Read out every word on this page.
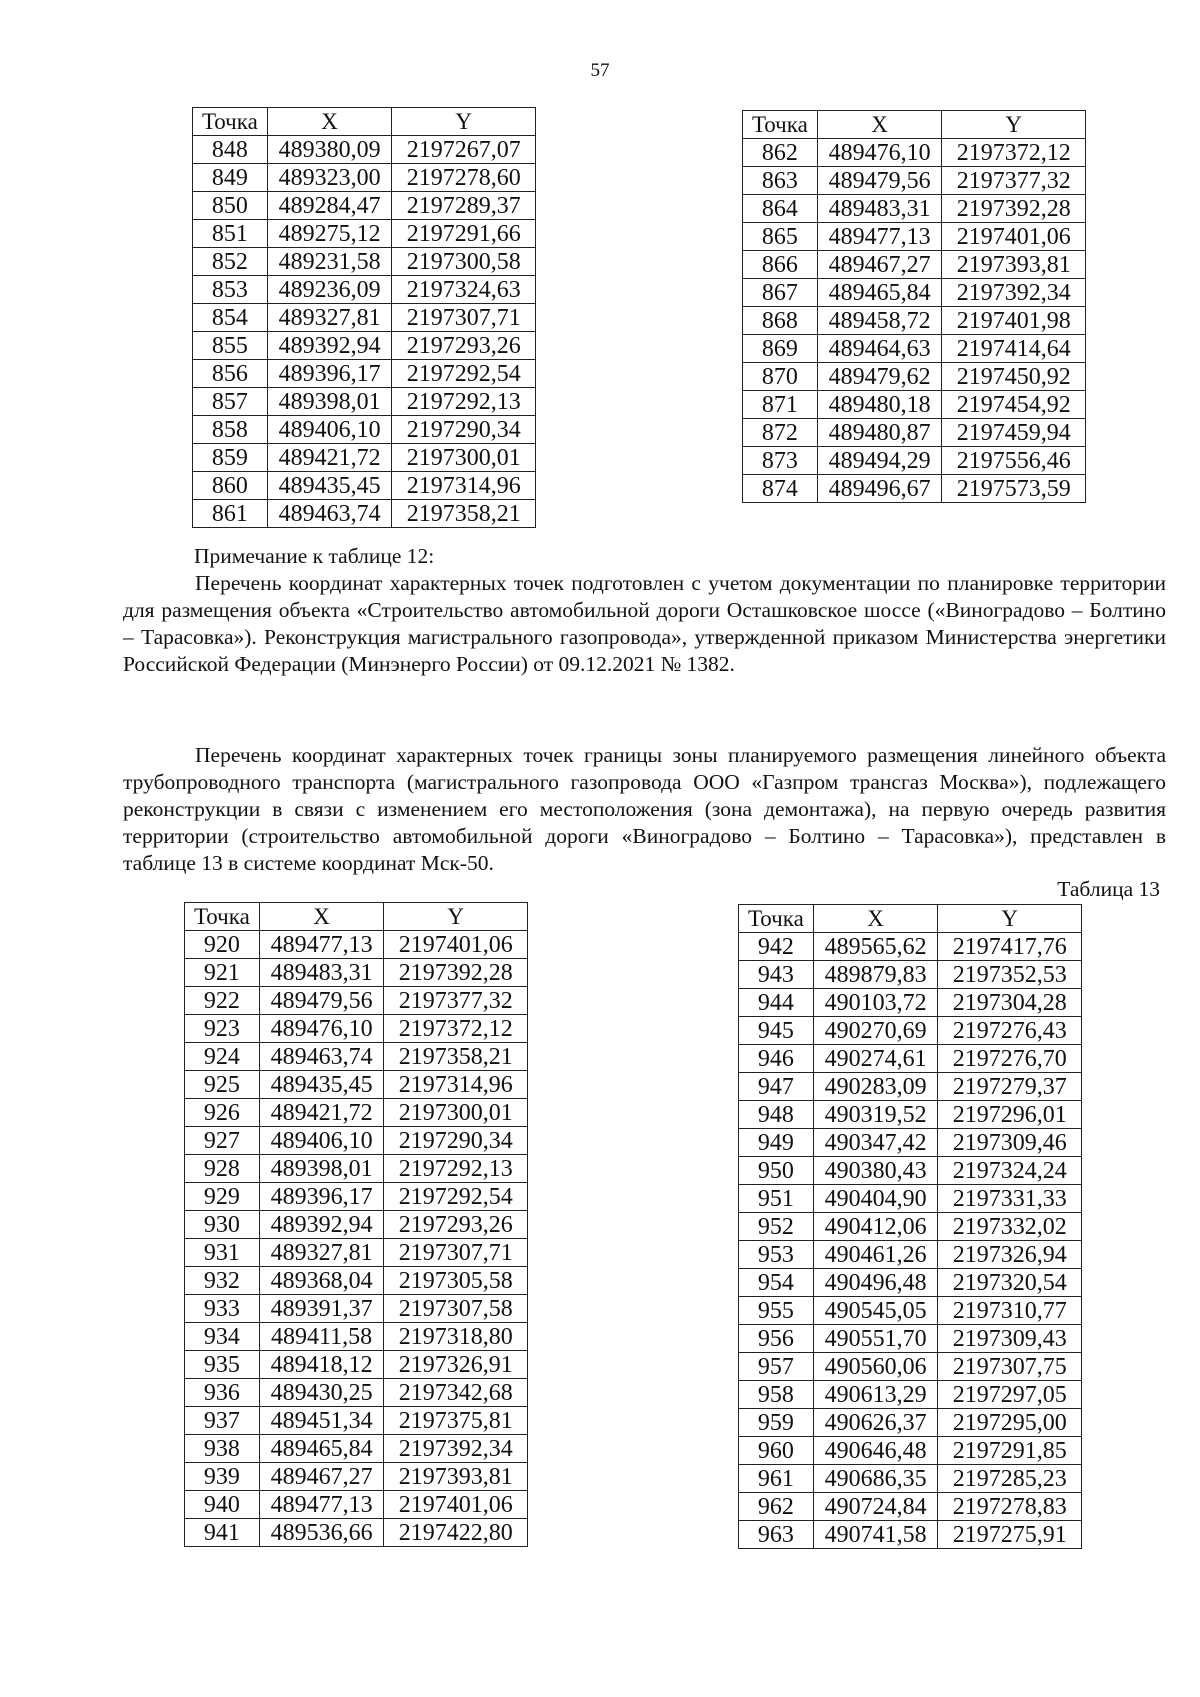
57
Точка	X	Y
848	489380,09	2197267,07
849	489323,00	2197278,60
850	489284,47	2197289,37
851	489275,12	2197291,66
852	489231,58	2197300,58
853	489236,09	2197324,63
854	489327,81	2197307,71
855	489392,94	2197293,26
856	489396,17	2197292,54
857	489398,01	2197292,13
858	489406,10	2197290,34
859	489421,72	2197300,01
860	489435,45	2197314,96
861	489463,74	2197358,21
Точка	X	Y
862	489476,10	2197372,12
863	489479,56	2197377,32
864	489483,31	2197392,28
865	489477,13	2197401,06
866	489467,27	2197393,81
867	489465,84	2197392,34
868	489458,72	2197401,98
869	489464,63	2197414,64
870	489479,62	2197450,92
871	489480,18	2197454,92
872	489480,87	2197459,94
873	489494,29	2197556,46
874	489496,67	2197573,59
Примечание к таблице 12:
Перечень координат характерных точек подготовлен с учетом документации по планировке территории для размещения объекта «Строительство автомобильной дороги Осташковское шоссе («Виноградово – Болтино – Тарасовка»). Реконструкция магистрального газопровода», утвержденной приказом Министерства энергетики Российской Федерации (Минэнерго России) от 09.12.2021 № 1382.
Перечень координат характерных точек границы зоны планируемого размещения линейного объекта трубопроводного транспорта (магистрального газопровода ООО «Газпром трансгаз Москва»), подлежащего реконструкции в связи с изменением его местоположения (зона демонтажа), на первую очередь развития территории (строительство автомобильной дороги «Виноградово – Болтино – Тарасовка»), представлен в таблице 13 в системе координат Мск-50.
Таблица 13
Точка	X	Y
920	489477,13	2197401,06
921	489483,31	2197392,28
922	489479,56	2197377,32
923	489476,10	2197372,12
924	489463,74	2197358,21
925	489435,45	2197314,96
926	489421,72	2197300,01
927	489406,10	2197290,34
928	489398,01	2197292,13
929	489396,17	2197292,54
930	489392,94	2197293,26
931	489327,81	2197307,71
932	489368,04	2197305,58
933	489391,37	2197307,58
934	489411,58	2197318,80
935	489418,12	2197326,91
936	489430,25	2197342,68
937	489451,34	2197375,81
938	489465,84	2197392,34
939	489467,27	2197393,81
940	489477,13	2197401,06
941	489536,66	2197422,80
Точка	X	Y
942	489565,62	2197417,76
943	489879,83	2197352,53
944	490103,72	2197304,28
945	490270,69	2197276,43
946	490274,61	2197276,70
947	490283,09	2197279,37
948	490319,52	2197296,01
949	490347,42	2197309,46
950	490380,43	2197324,24
951	490404,90	2197331,33
952	490412,06	2197332,02
953	490461,26	2197326,94
954	490496,48	2197320,54
955	490545,05	2197310,77
956	490551,70	2197309,43
957	490560,06	2197307,75
958	490613,29	2197297,05
959	490626,37	2197295,00
960	490646,48	2197291,85
961	490686,35	2197285,23
962	490724,84	2197278,83
963	490741,58	2197275,91
